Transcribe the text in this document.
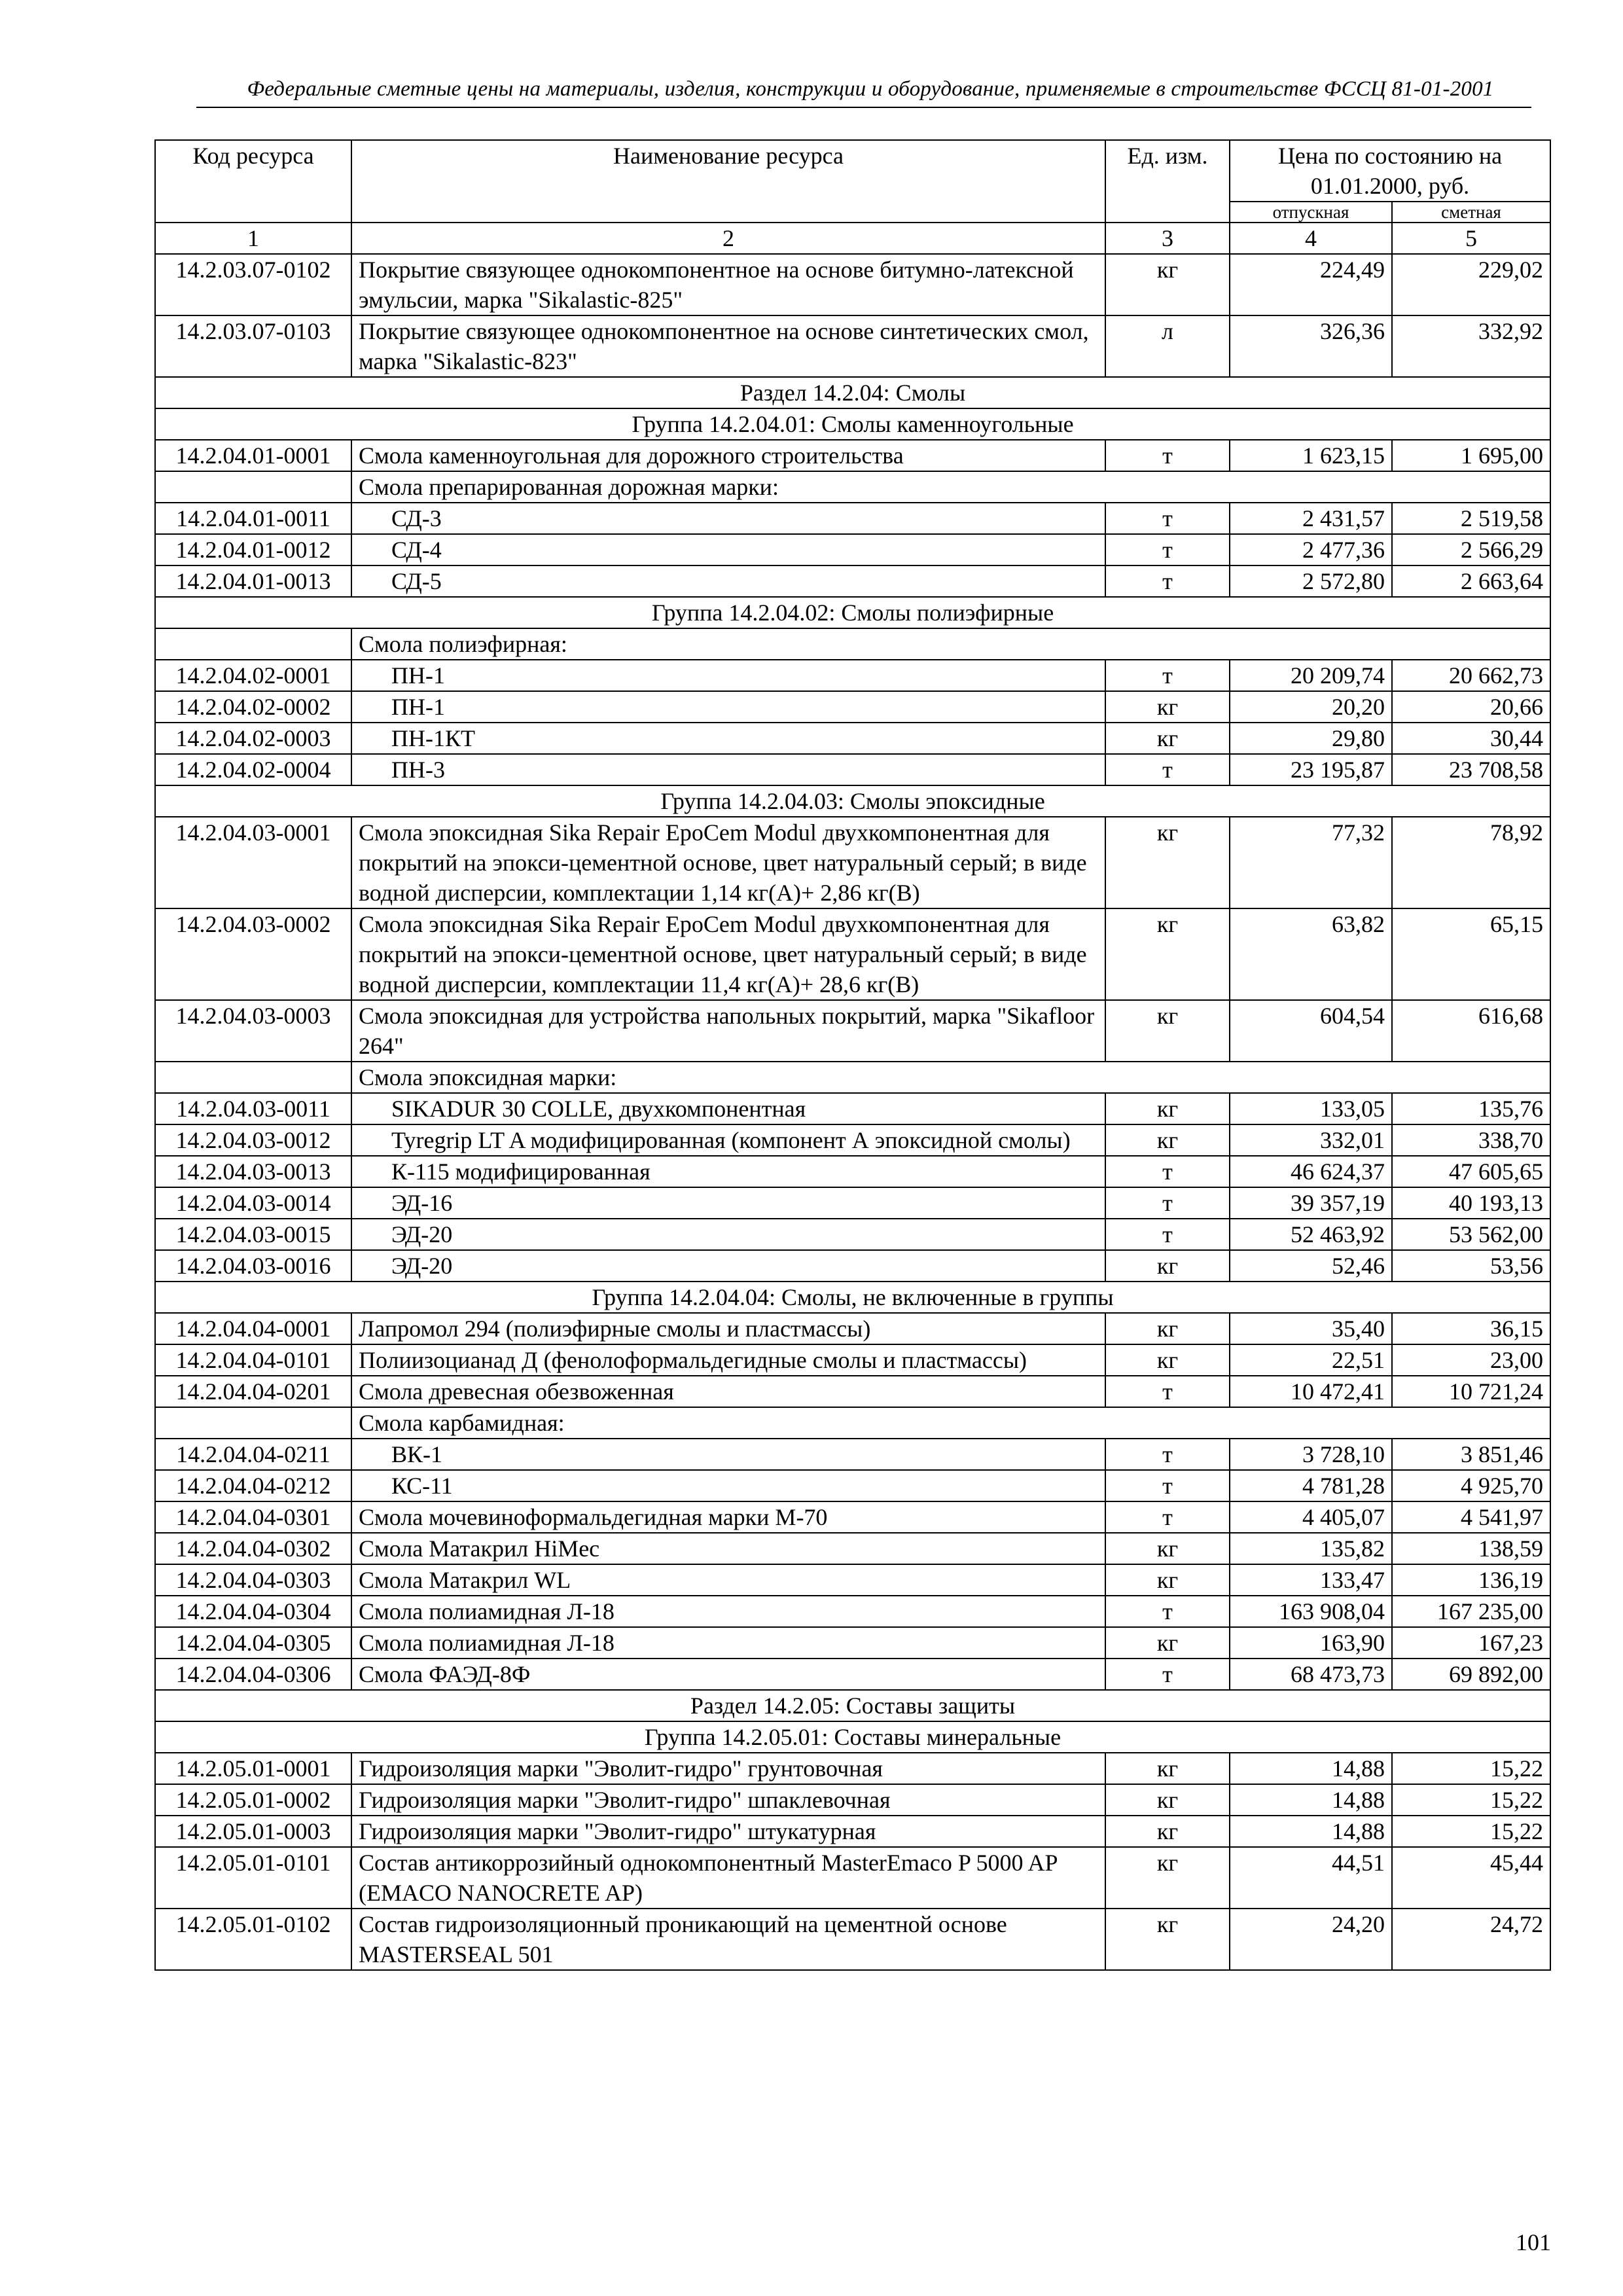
Федеральные сметные цены на материалы, изделия, конструкции и оборудование, применяемые в строительстве ФССЦ 81-01-2001
Код ресурса	Наименование ресурса	Ед. изм.	Цена по состоянию на 01.01.2000, руб.	
			отпускная	сметная
1	2	3	4	5
14.2.03.07-0102	Покрытие связующее однокомпонентное на основе битумно-латексной эмульсии, марка "Sikalastic-825"	кг	224,49	229,02
14.2.03.07-0103	Покрытие связующее однокомпонентное на основе синтетических смол, марка "Sikalastic-823"	л	326,36	332,92
Раздел 14.2.04: Смолы				
Группа 14.2.04.01: Смолы каменноугольные				
14.2.04.01-0001	Смола каменноугольная для дорожного строительства	т	1 623,15	1 695,00
	Смола препарированная дорожная марки:			
14.2.04.01-0011	СД-3	т	2 431,57	2 519,58
14.2.04.01-0012	СД-4	т	2 477,36	2 566,29
14.2.04.01-0013	СД-5	т	2 572,80	2 663,64
Группа 14.2.04.02: Смолы полиэфирные				
	Смола полиэфирная:			
14.2.04.02-0001	ПН-1	т	20 209,74	20 662,73
14.2.04.02-0002	ПН-1	кг	20,20	20,66
14.2.04.02-0003	ПН-1КТ	кг	29,80	30,44
14.2.04.02-0004	ПН-3	т	23 195,87	23 708,58
Группа 14.2.04.03: Смолы эпоксидные				
14.2.04.03-0001	Смола эпоксидная Sika Repair EpoCem Modul двухкомпонентная для покрытий на эпокси-цементной основе, цвет натуральный серый; в виде водной дисперсии, комплектации 1,14 кг(А)+ 2,86 кг(В)	кг	77,32	78,92
14.2.04.03-0002	Смола эпоксидная Sika Repair EpoCem Modul двухкомпонентная для покрытий на эпокси-цементной основе, цвет натуральный серый; в виде водной дисперсии, комплектации 11,4 кг(А)+ 28,6 кг(В)	кг	63,82	65,15
14.2.04.03-0003	Смола эпоксидная для устройства напольных покрытий, марка "Sikafloor 264"	кг	604,54	616,68
	Смола эпоксидная марки:			
14.2.04.03-0011	SIKADUR 30 COLLE, двухкомпонентная	кг	133,05	135,76
14.2.04.03-0012	Tyregrip LT A модифицированная (компонент А эпоксидной смолы)	кг	332,01	338,70
14.2.04.03-0013	К-115 модифицированная	т	46 624,37	47 605,65
14.2.04.03-0014	ЭД-16	т	39 357,19	40 193,13
14.2.04.03-0015	ЭД-20	т	52 463,92	53 562,00
14.2.04.03-0016	ЭД-20	кг	52,46	53,56
Группа 14.2.04.04: Смолы, не включенные в группы				
14.2.04.04-0001	Лапромол 294 (полиэфирные смолы и пластмассы)	кг	35,40	36,15
14.2.04.04-0101	Полиизоцианад Д (фенолоформальдегидные смолы и пластмассы)	кг	22,51	23,00
14.2.04.04-0201	Смола древесная обезвоженная	т	10 472,41	10 721,24
	Смола карбамидная:			
14.2.04.04-0211	ВК-1	т	3 728,10	3 851,46
14.2.04.04-0212	КС-11	т	4 781,28	4 925,70
14.2.04.04-0301	Смола мочевиноформальдегидная марки М-70	т	4 405,07	4 541,97
14.2.04.04-0302	Смола Матакрил HiMec	кг	135,82	138,59
14.2.04.04-0303	Смола Матакрил WL	кг	133,47	136,19
14.2.04.04-0304	Смола полиамидная Л-18	т	163 908,04	167 235,00
14.2.04.04-0305	Смола полиамидная Л-18	кг	163,90	167,23
14.2.04.04-0306	Смола ФАЭД-8Ф	т	68 473,73	69 892,00
Раздел 14.2.05: Составы защиты				
Группа 14.2.05.01: Составы минеральные				
14.2.05.01-0001	Гидроизоляция марки "Эволит-гидро" грунтовочная	кг	14,88	15,22
14.2.05.01-0002	Гидроизоляция марки "Эволит-гидро" шпаклевочная	кг	14,88	15,22
14.2.05.01-0003	Гидроизоляция марки "Эволит-гидро" штукатурная	кг	14,88	15,22
14.2.05.01-0101	Состав антикоррозийный однокомпонентный MasterEmaco P 5000 AP (EMACO NANOCRETE AP)	кг	44,51	45,44
14.2.05.01-0102	Состав гидроизоляционный проникающий на цементной основе MASTERSEAL 501	кг	24,20	24,72
101
